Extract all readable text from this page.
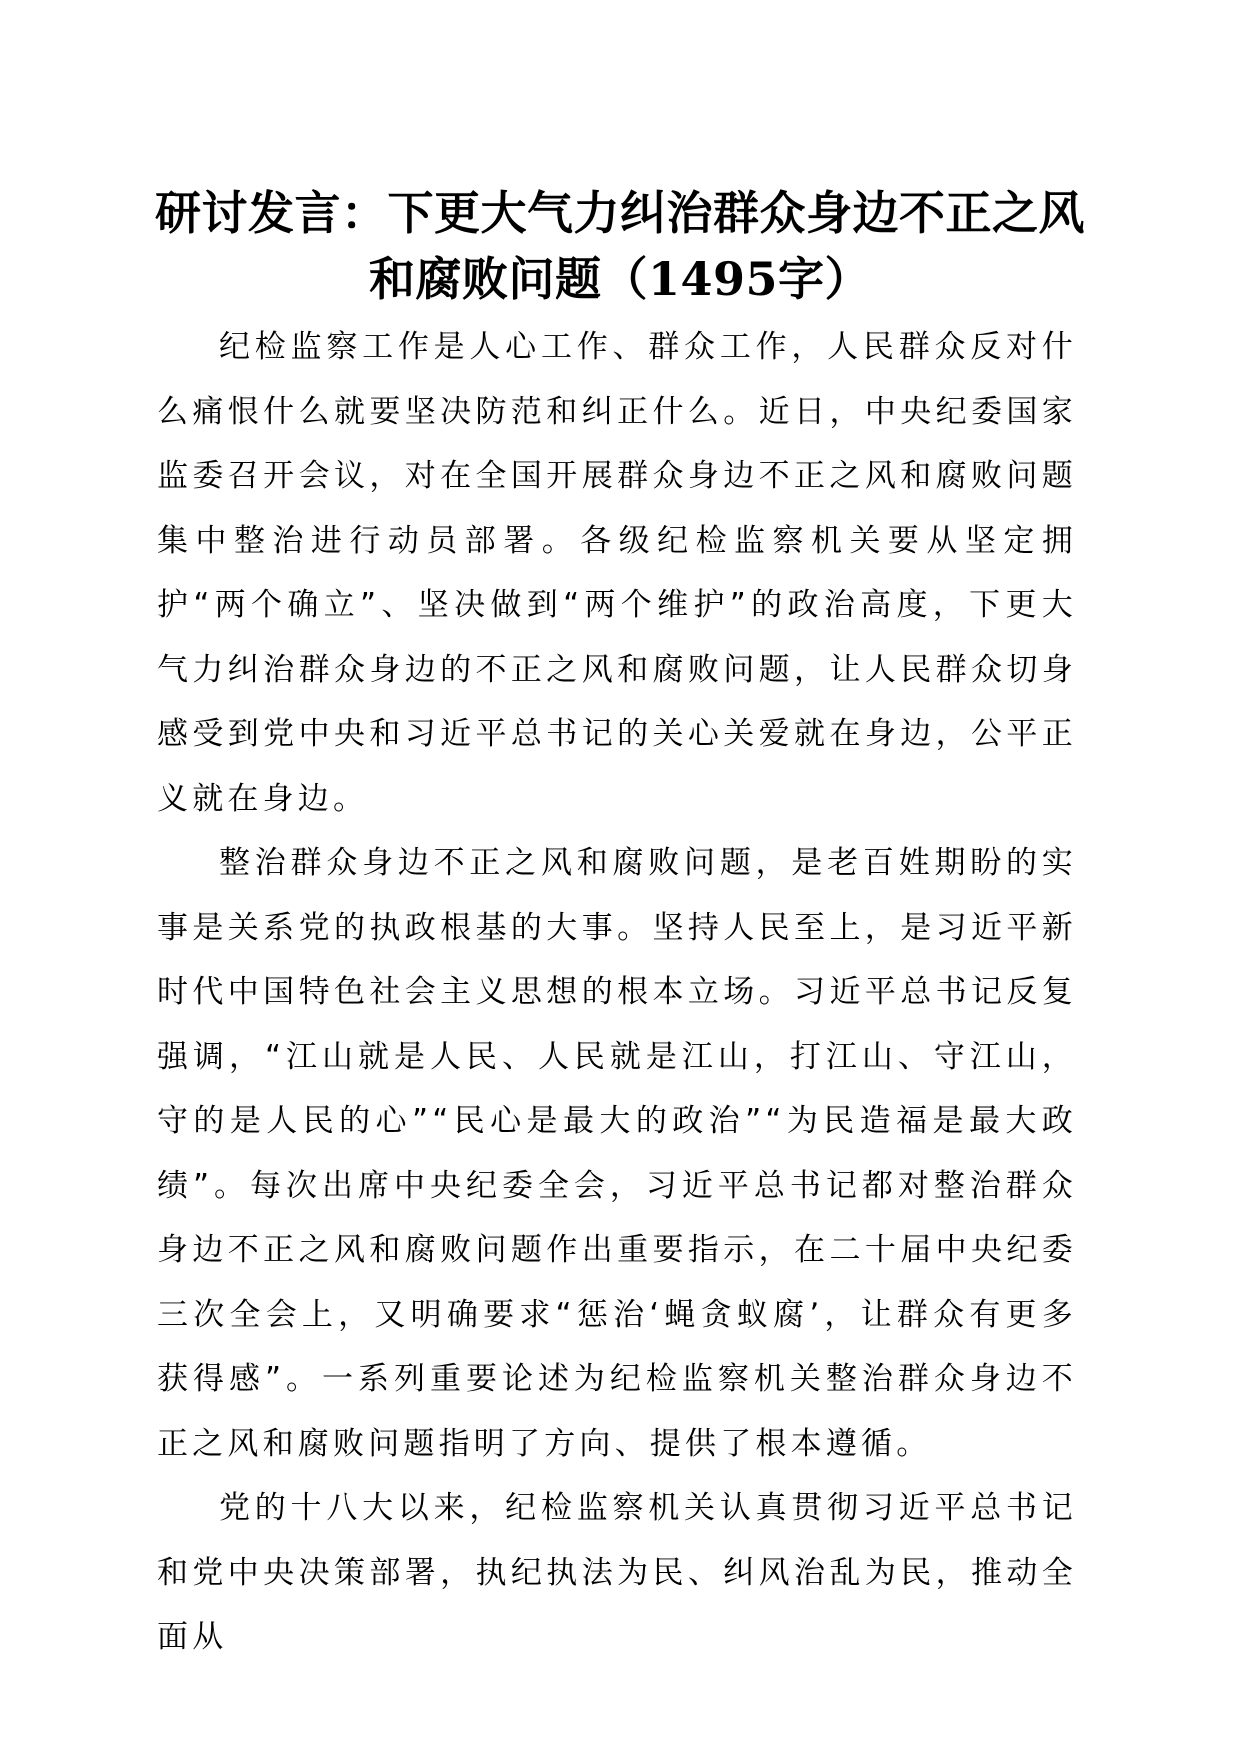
研讨发言：下更大气力纠治群众身边不正之风
和腐败问题（1495字）

纪检监察工作是人心工作、群众工作，人民群众反对什么痛恨什么就要坚决防范和纠正什么。近日，中央纪委国家监委召开会议，对在全国开展群众身边不正之风和腐败问题集中整治进行动员部署。各级纪检监察机关要从坚定拥护“两个确立”、坚决做到“两个维护”的政治高度，下更大气力纠治群众身边的不正之风和腐败问题，让人民群众切身感受到党中央和习近平总书记的关心关爱就在身边，公平正义就在身边。

整治群众身边不正之风和腐败问题，是老百姓期盼的实事是关系党的执政根基的大事。坚持人民至上，是习近平新时代中国特色社会主义思想的根本立场。习近平总书记反复强调，“江山就是人民、人民就是江山，打江山、守江山，守的是人民的心”“民心是最大的政治”“为民造福是最大政绩”。每次出席中央纪委全会，习近平总书记都对整治群众身边不正之风和腐败问题作出重要指示，在二十届中央纪委三次全会上，又明确要求“惩治‘蝇贪蚁腐’，让群众有更多获得感”。一系列重要论述为纪检监察机关整治群众身边不正之风和腐败问题指明了方向、提供了根本遵循。

党的十八大以来，纪检监察机关认真贯彻习近平总书记和党中央决策部署，执纪执法为民、纠风治乱为民，推动全面从
